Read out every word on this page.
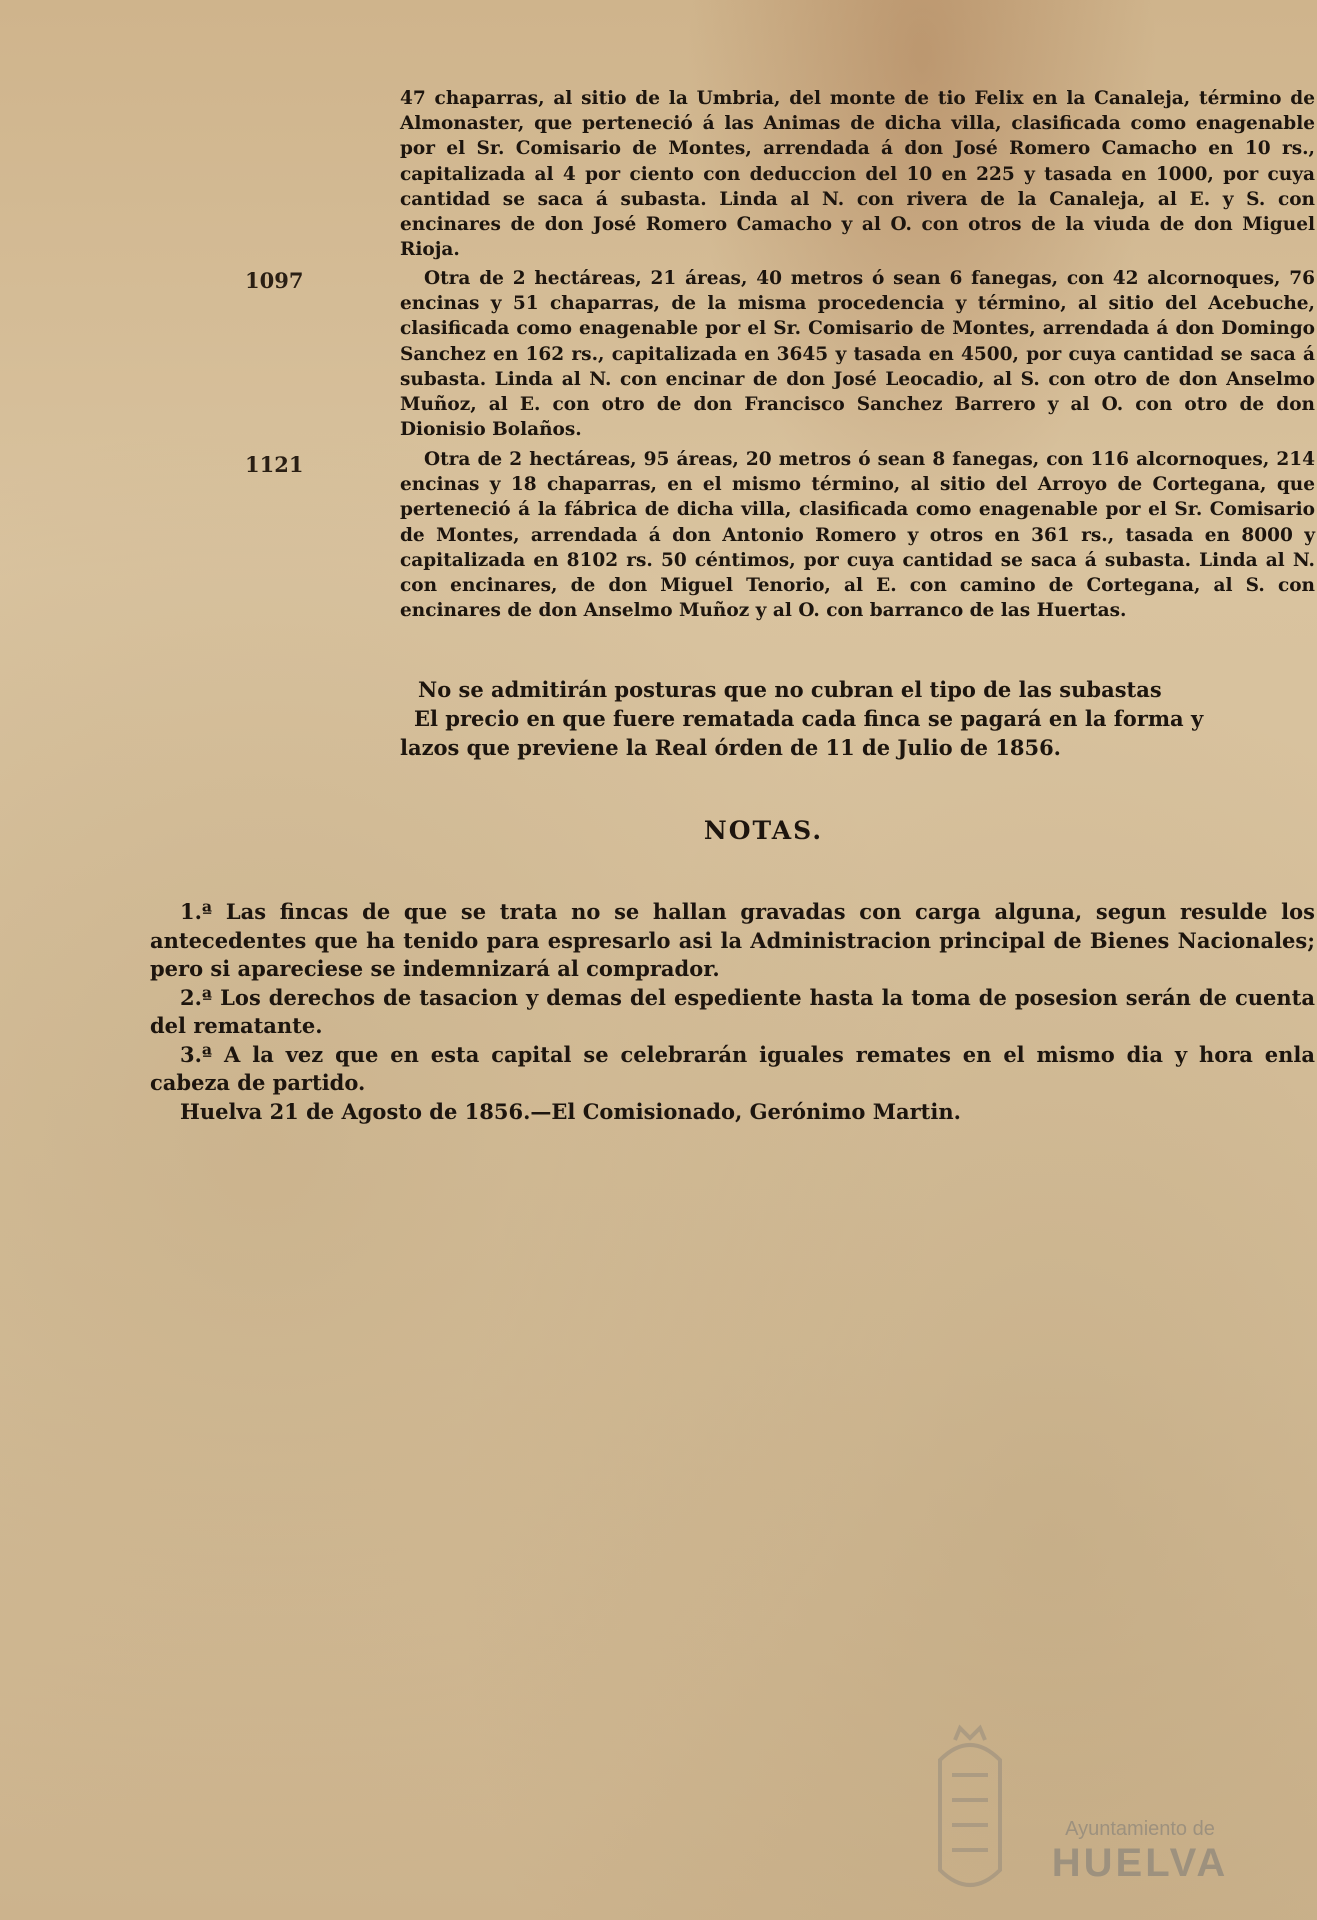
47 chaparras, al sitio de la Umbria, del monte de tio Felix en la Canaleja, término de Almonaster, que perteneció á las Animas de dicha villa, clasificada como enagenable por el Sr. Comisario de Montes, arrendada á don José Romero Camacho en 10 rs., capitalizada al 4 por ciento con deduccion del 10 en 225 y tasada en 1000, por cuya cantidad se saca á subasta. Linda al N. con rivera de la Canaleja, al E. y S. con encinares de don José Romero Camacho y al O. con otros de la viuda de don Miguel Rioja.

1097	Otra de 2 hectáreas, 21 áreas, 40 metros ó sean 6 fanegas, con 42 alcornoques, 76 encinas y 51 chaparras, de la misma procedencia y término, al sitio del Acebuche, clasificada como enagenable por el Sr. Comisario de Montes, arrendada á don Domingo Sanchez en 162 rs., capitalizada en 3645 y tasada en 4500, por cuya cantidad se saca á subasta. Linda al N. con encinar de don José Leocadio, al S. con otro de don Anselmo Muñoz, al E. con otro de don Francisco Sanchez Barrero y al O. con otro de don Dionisio Bolaños.

1121	Otra de 2 hectáreas, 95 áreas, 20 metros ó sean 8 fanegas, con 116 alcornoques, 214 encinas y 18 chaparras, en el mismo término, al sitio del Arroyo de Cortegana, que perteneció á la fábrica de dicha villa, clasificada como enagenable por el Sr. Comisario de Montes, arrendada á don Antonio Romero y otros en 361 rs., tasada en 8000 y capitalizada en 8102 rs. 50 céntimos, por cuya cantidad se saca á subasta. Linda al N. con encinares, de don Miguel Tenorio, al E. con camino de Cortegana, al S. con encinares de don Anselmo Muñoz y al O. con barranco de las Huertas.

No se admitirán posturas que no cubran el tipo de las subastas

El precio en que fuere rematada cada finca se pagará en la forma y

lazos que previene la Real órden de 11 de Julio de 1856.

NOTAS.

1.ª Las fincas de que se trata no se hallan gravadas con carga alguna, segun resulde los antecedentes que ha tenido para espresarlo asi la Administracion principal de Bienes Nacionales; pero si apareciese se indemnizará al comprador.

2.ª Los derechos de tasacion y demas del espediente hasta la toma de posesion serán de cuenta del rematante.

3.ª A la vez que en esta capital se celebrarán iguales remates en el mismo dia y hora enla cabeza de partido.

Huelva 21 de Agosto de 1856.—El Comisionado, Gerónimo Martin.

Ayuntamiento de
HUELVA
